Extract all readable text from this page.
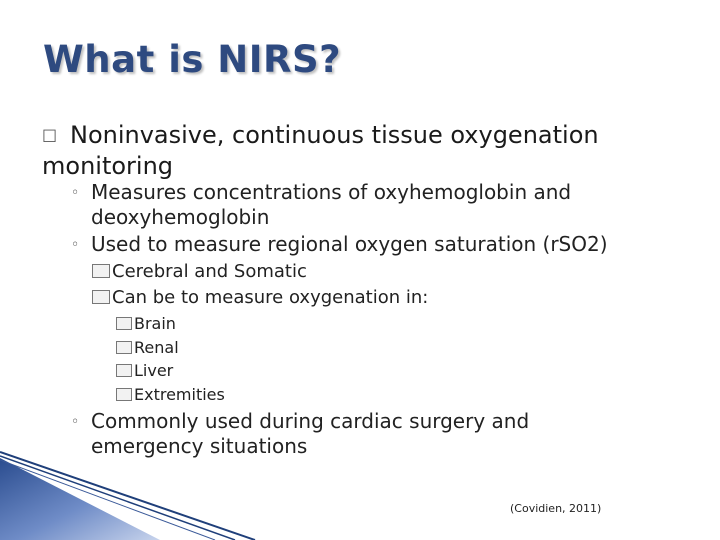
What is NIRS?
□ Noninvasive, continuous tissue oxygenation
monitoring
◦ Measures concentrations of oxyhemoglobin and
deoxyhemoglobin
◦ Used to measure regional oxygen saturation (rSO2)
Cerebral and Somatic
Can be to measure oxygenation in:
Brain
Renal
Liver
Extremities
◦ Commonly used during cardiac surgery and
emergency situations
(Covidien, 2011)
